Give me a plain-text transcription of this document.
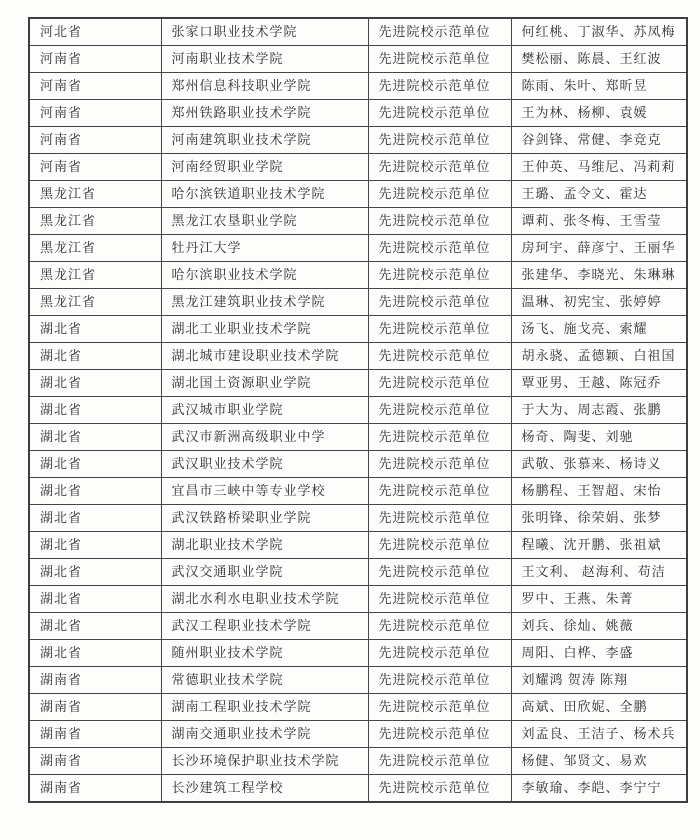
河北省	张家口职业技术学院	先进院校示范单位	何红桃、丁淑华、苏凤梅
河南省	河南职业技术学院	先进院校示范单位	樊松丽、陈晨、王红波
河南省	郑州信息科技职业学院	先进院校示范单位	陈雨、朱叶、郑昕昱
河南省	郑州铁路职业技术学院	先进院校示范单位	王为林、杨柳、袁媛
河南省	河南建筑职业技术学院	先进院校示范单位	谷剑锋、常健、李竞克
河南省	河南经贸职业学院	先进院校示范单位	王仲英、马维尼、冯莉莉
黑龙江省	哈尔滨铁道职业技术学院	先进院校示范单位	王璐、孟令文、霍达
黑龙江省	黑龙江农垦职业学院	先进院校示范单位	谭莉、张冬梅、王雪莹
黑龙江省	牡丹江大学	先进院校示范单位	房珂宇、薛彦宁、王丽华
黑龙江省	哈尔滨职业技术学院	先进院校示范单位	张建华、李晓光、朱琳琳
黑龙江省	黑龙江建筑职业技术学院	先进院校示范单位	温琳、初宪宝、张婷婷
湖北省	湖北工业职业技术学院	先进院校示范单位	汤飞、施戈亮、索耀
湖北省	湖北城市建设职业技术学院	先进院校示范单位	胡永骁、孟德颖、白祖国
湖北省	湖北国土资源职业学院	先进院校示范单位	覃亚男、王越、陈冠乔
湖北省	武汉城市职业学院	先进院校示范单位	于大为、周志霞、张鹏
湖北省	武汉市新洲高级职业中学	先进院校示范单位	杨奇、陶斐、刘驰
湖北省	武汉职业技术学院	先进院校示范单位	武敬、张慕来、杨诗义
湖北省	宜昌市三峡中等专业学校	先进院校示范单位	杨鹏程、王智超、宋怡
湖北省	武汉铁路桥梁职业学院	先进院校示范单位	张明锋、徐荣娟、张梦
湖北省	湖北职业技术学院	先进院校示范单位	程曦、沈开鹏、张祖斌
湖北省	武汉交通职业学院	先进院校示范单位	王文利、 赵海利、苟洁
湖北省	湖北水利水电职业技术学院	先进院校示范单位	罗中、王燕、朱菁
湖北省	武汉工程职业技术学院	先进院校示范单位	刘兵、徐灿、姚薇
湖北省	随州职业技术学院	先进院校示范单位	周阳、白桦、李盛
湖南省	常德职业技术学院	先进院校示范单位	刘耀鸿 贺涛 陈翔
湖南省	湖南工程职业技术学院	先进院校示范单位	高斌、田欣妮、全鹏
湖南省	湖南交通职业技术学院	先进院校示范单位	刘孟良、王洁子、杨术兵
湖南省	长沙环境保护职业技术学院	先进院校示范单位	杨健、邹贤文、易欢
湖南省	长沙建筑工程学校	先进院校示范单位	李敏瑜、李皑、李宁宁
